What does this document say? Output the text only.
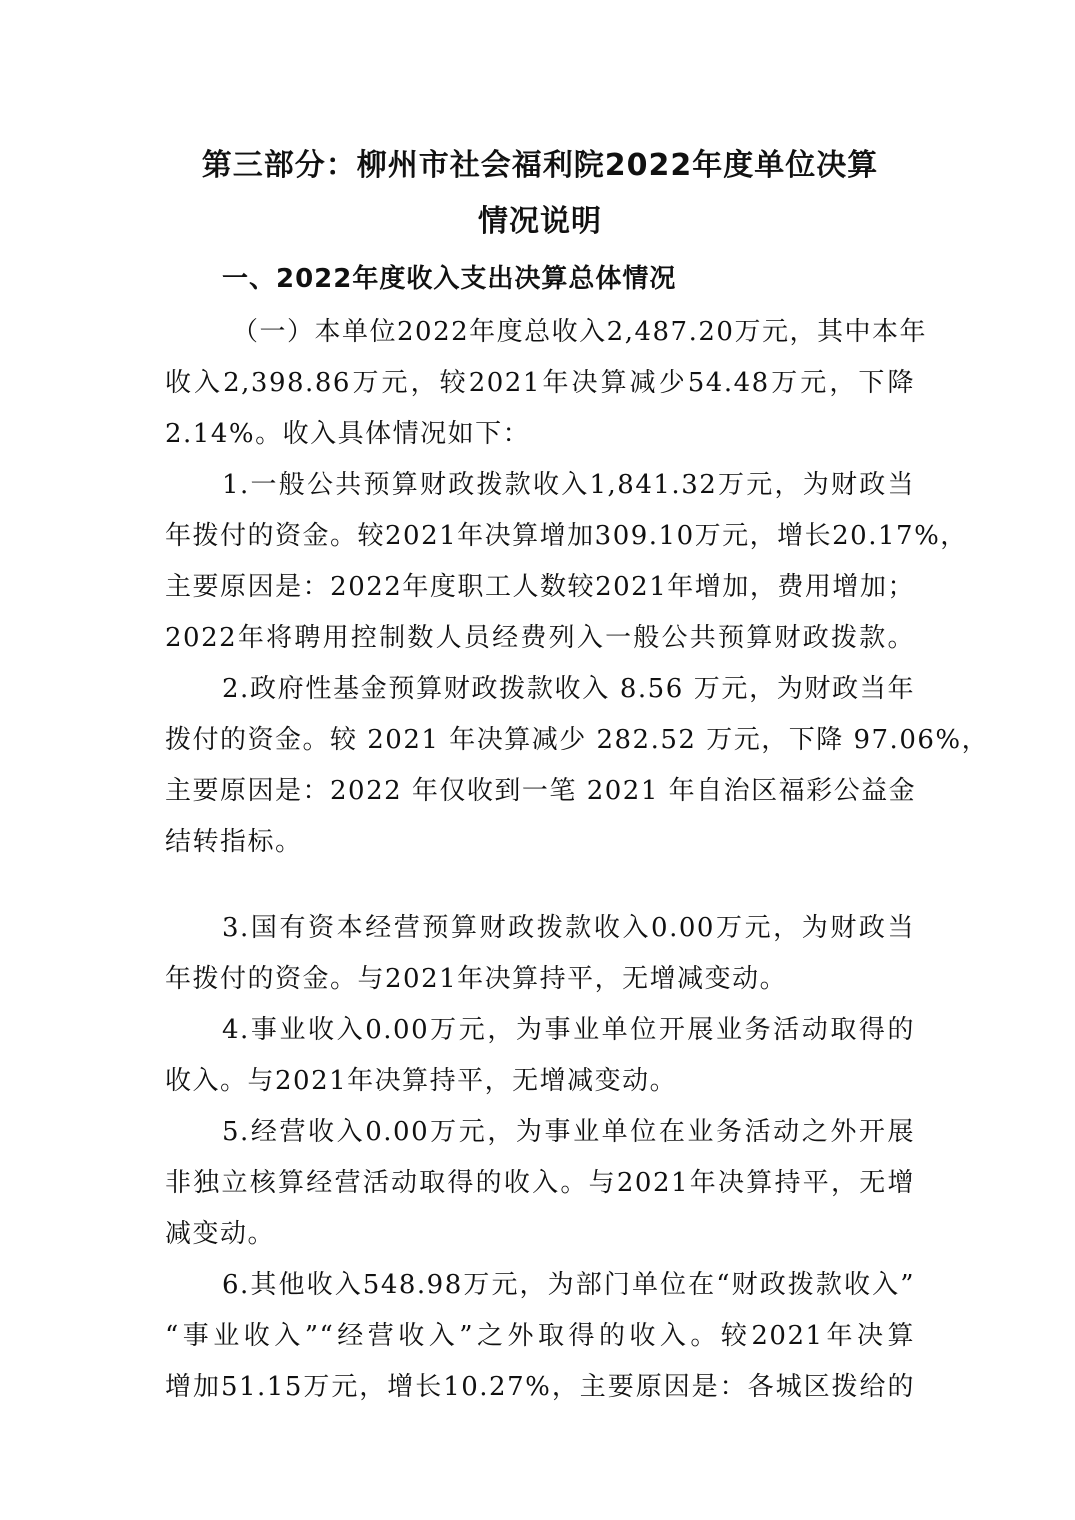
第三部分：柳州市社会福利院2022年度单位决算
情况说明
一、2022年度收入支出决算总体情况
（一）本单位2022年度总收入2,487.20万元，其中本年
收入2,398.86万元，较2021年决算减少54.48万元，下降
2.14%。收入具体情况如下：
1.一般公共预算财政拨款收入1,841.32万元，为财政当
年拨付的资金。较2021年决算增加309.10万元，增长20.17%，
主要原因是：2022年度职工人数较2021年增加，费用增加；
2022年将聘用控制数人员经费列入一般公共预算财政拨款。
2.政府性基金预算财政拨款收入 8.56 万元，为财政当年
拨付的资金。较 2021 年决算减少 282.52 万元，下降 97.06%，
主要原因是：2022 年仅收到一笔 2021 年自治区福彩公益金
结转指标。
3.国有资本经营预算财政拨款收入0.00万元，为财政当
年拨付的资金。与2021年决算持平，无增减变动。
4.事业收入0.00万元，为事业单位开展业务活动取得的
收入。与2021年决算持平，无增减变动。
5.经营收入0.00万元，为事业单位在业务活动之外开展
非独立核算经营活动取得的收入。与2021年决算持平，无增
减变动。
6.其他收入548.98万元，为部门单位在“财政拨款收入”
“事业收入”“经营收入”之外取得的收入。较2021年决算
增加51.15万元，增长10.27%，主要原因是：各城区拨给的
